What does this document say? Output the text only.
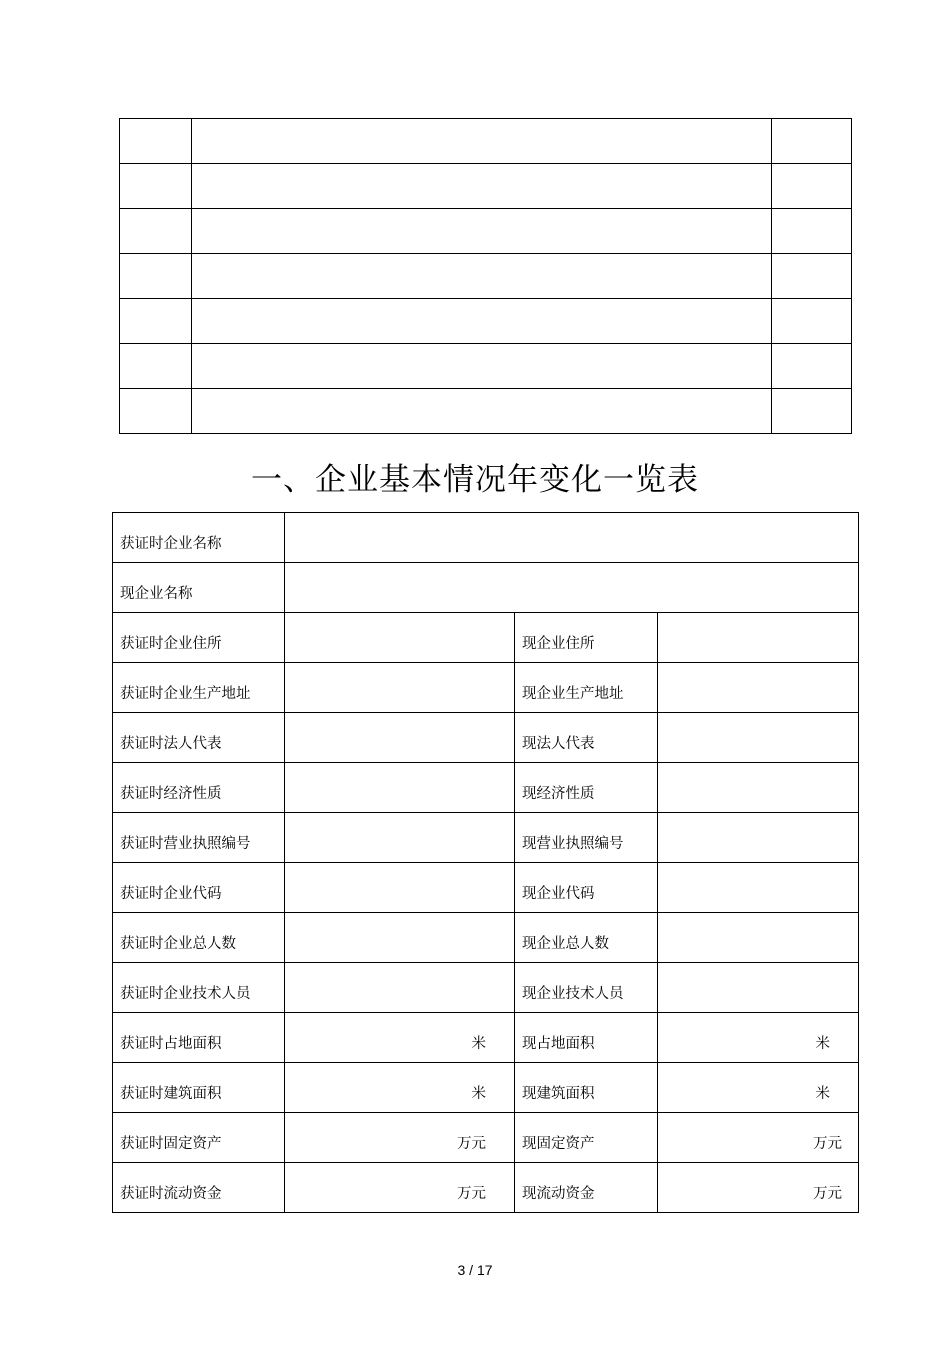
一、企业基本情况年变化一览表
获证时企业名称			
现企业名称			
获证时企业住所		现企业住所	
获证时企业生产地址		现企业生产地址	
获证时法人代表		现法人代表	
获证时经济性质		现经济性质	
获证时营业执照编号		现营业执照编号	
获证时企业代码		现企业代码	
获证时企业总人数		现企业总人数	
获证时企业技术人员		现企业技术人员	
获证时占地面积	米	现占地面积	米
获证时建筑面积	米	现建筑面积	米
获证时固定资产	万元	现固定资产	万元
获证时流动资金	万元	现流动资金	万元
3 / 17
